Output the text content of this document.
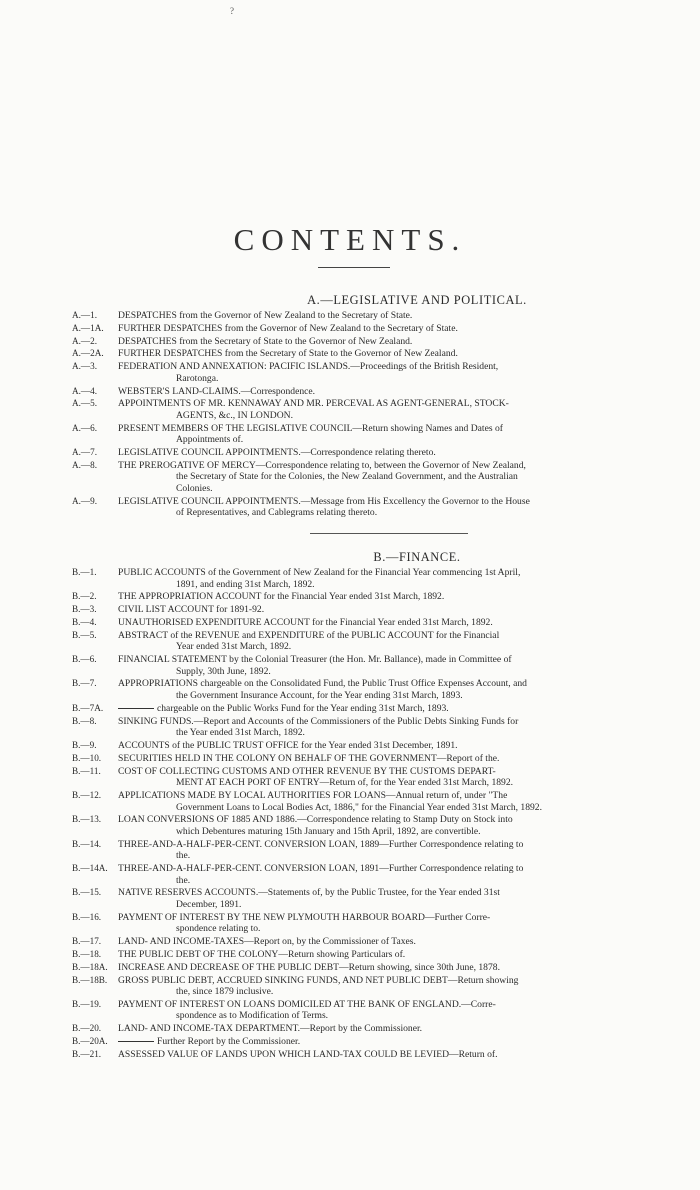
?
CONTENTS.
A.—LEGISLATIVE AND POLITICAL.
A.—1.	DESPATCHES from the Governor of New Zealand to the Secretary of State.
A.—1A.	FURTHER DESPATCHES from the Governor of New Zealand to the Secretary of State.
A.—2.	DESPATCHES from the Secretary of State to the Governor of New Zealand.
A.—2A.	FURTHER DESPATCHES from the Secretary of State to the Governor of New Zealand.
A.—3.	FEDERATION AND ANNEXATION: PACIFIC ISLANDS.—Proceedings of the British Resident,
Rarotonga.
A.—4.	WEBSTER'S LAND-CLAIMS.—Correspondence.
A.—5.	APPOINTMENTS OF MR. KENNAWAY AND MR. PERCEVAL AS AGENT-GENERAL, STOCK-
AGENTS, &c., IN LONDON.
A.—6.	PRESENT MEMBERS OF THE LEGISLATIVE COUNCIL—Return showing Names and Dates of
Appointments of.
A.—7.	LEGISLATIVE COUNCIL APPOINTMENTS.—Correspondence relating thereto.
A.—8.	THE PREROGATIVE OF MERCY—Correspondence relating to, between the Governor of New Zealand,
the Secretary of State for the Colonies, the New Zealand Government, and the Australian
Colonies.
A.—9.	LEGISLATIVE COUNCIL APPOINTMENTS.—Message from His Excellency the Governor to the House
of Representatives, and Cablegrams relating thereto.
B.—FINANCE.
B.—1.	PUBLIC ACCOUNTS of the Government of New Zealand for the Financial Year commencing 1st April,
1891, and ending 31st March, 1892.
B.—2.	THE APPROPRIATION ACCOUNT for the Financial Year ended 31st March, 1892.
B.—3.	CIVIL LIST ACCOUNT for 1891-92.
B.—4.	UNAUTHORISED EXPENDITURE ACCOUNT for the Financial Year ended 31st March, 1892.
B.—5.	ABSTRACT of the REVENUE and EXPENDITURE of the PUBLIC ACCOUNT for the Financial
Year ended 31st March, 1892.
B.—6.	FINANCIAL STATEMENT by the Colonial Treasurer (the Hon. Mr. Ballance), made in Committee of
Supply, 30th June, 1892.
B.—7.	APPROPRIATIONS chargeable on the Consolidated Fund, the Public Trust Office Expenses Account, and
the Government Insurance Account, for the Year ending 31st March, 1893.
B.—7A.	chargeable on the Public Works Fund for the Year ending 31st March, 1893.
B.—8.	SINKING FUNDS.—Report and Accounts of the Commissioners of the Public Debts Sinking Funds for
the Year ended 31st March, 1892.
B.—9.	ACCOUNTS of the PUBLIC TRUST OFFICE for the Year ended 31st December, 1891.
B.—10.	SECURITIES HELD IN THE COLONY ON BEHALF OF THE GOVERNMENT—Report of the.
B.—11.	COST OF COLLECTING CUSTOMS AND OTHER REVENUE BY THE CUSTOMS DEPART-
MENT AT EACH PORT OF ENTRY—Return of, for the Year ended 31st March, 1892.
B.—12.	APPLICATIONS MADE BY LOCAL AUTHORITIES FOR LOANS—Annual return of, under "The
Government Loans to Local Bodies Act, 1886," for the Financial Year ended 31st March, 1892.
B.—13.	LOAN CONVERSIONS OF 1885 AND 1886.—Correspondence relating to Stamp Duty on Stock into
which Debentures maturing 15th January and 15th April, 1892, are convertible.
B.—14.	THREE-AND-A-HALF-PER-CENT. CONVERSION LOAN, 1889—Further Correspondence relating to
the.
B.—14A.	THREE-AND-A-HALF-PER-CENT. CONVERSION LOAN, 1891—Further Correspondence relating to
the.
B.—15.	NATIVE RESERVES ACCOUNTS.—Statements of, by the Public Trustee, for the Year ended 31st
December, 1891.
B.—16.	PAYMENT OF INTEREST BY THE NEW PLYMOUTH HARBOUR BOARD—Further Corre-
spondence relating to.
B.—17.	LAND- AND INCOME-TAXES—Report on, by the Commissioner of Taxes.
B.—18.	THE PUBLIC DEBT OF THE COLONY—Return showing Particulars of.
B.—18A.	INCREASE AND DECREASE OF THE PUBLIC DEBT—Return showing, since 30th June, 1878.
B.—18B.	GROSS PUBLIC DEBT, ACCRUED SINKING FUNDS, AND NET PUBLIC DEBT—Return showing
the, since 1879 inclusive.
B.—19.	PAYMENT OF INTEREST ON LOANS DOMICILED AT THE BANK OF ENGLAND.—Corre-
spondence as to Modification of Terms.
B.—20.	LAND- AND INCOME-TAX DEPARTMENT.—Report by the Commissioner.
B.—20A.	Further Report by the Commissioner.
B.—21.	ASSESSED VALUE OF LANDS UPON WHICH LAND-TAX COULD BE LEVIED—Return of.
